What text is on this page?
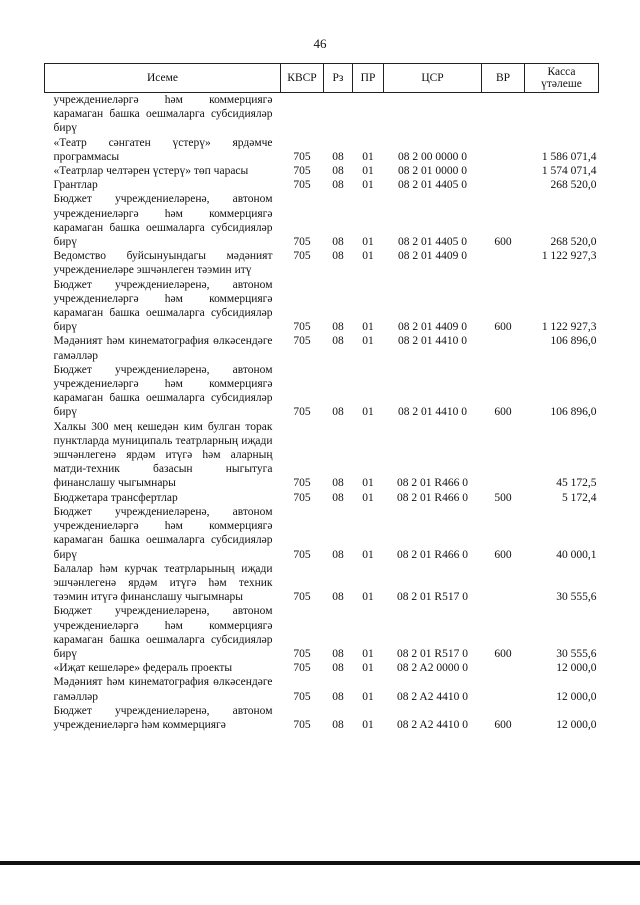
46
Исеме	КВСР	Рз	ПР	ЦСР	ВР	Касса үтәлеше
учреждениеләргә һәм коммерциягә карамаган башка оешмаларга субсидияләр бирү						
«Театр сәнгатен үстерү» ярдәмче программасы	705	08	01	08 2 00 0000 0		1 586 071,4
«Театрлар челтәрен үстерү» төп чарасы	705	08	01	08 2 01 0000 0		1 574 071,4
Грантлар	705	08	01	08 2 01 4405 0		268 520,0
Бюджет учреждениеләренә, автоном учреждениеләргә һәм коммерциягә карамаган башка оешмаларга субсидияләр бирү	705	08	01	08 2 01 4405 0	600	268 520,0
Ведомство буйсынуындагы мәдәният учреждениеләре эшчәнлеген тәэмин итү	705	08	01	08 2 01 4409 0		1 122 927,3
Бюджет учреждениеләренә, автоном учреждениеләргә һәм коммерциягә карамаган башка оешмаларга субсидияләр бирү	705	08	01	08 2 01 4409 0	600	1 122 927,3
Мәдәният һәм кинематография өлкәсендәге гамәлләр	705	08	01	08 2 01 4410 0		106 896,0
Бюджет учреждениеләренә, автоном учреждениеләргә һәм коммерциягә карамаган башка оешмаларга субсидияләр бирү	705	08	01	08 2 01 4410 0	600	106 896,0
Халкы 300 мең кешедән ким булган торак пунктларда муниципаль театрларның иҗади эшчәнлегенә ярдәм итүгә һәм аларның матди-техник базасын ныгытуга финанслашу чыгымнары	705	08	01	08 2 01 R466 0		45 172,5
Бюджетара трансфертлар	705	08	01	08 2 01 R466 0	500	5 172,4
Бюджет учреждениеләренә, автоном учреждениеләргә һәм коммерциягә карамаган башка оешмаларга субсидияләр бирү	705	08	01	08 2 01 R466 0	600	40 000,1
Балалар һәм курчак театрларының иҗади эшчәнлегенә ярдәм итүгә һәм техник тәэмин итүгә финанслашу чыгымнары	705	08	01	08 2 01 R517 0		30 555,6
Бюджет учреждениеләренә, автоном учреждениеләргә һәм коммерциягә карамаган башка оешмаларга субсидияләр бирү	705	08	01	08 2 01 R517 0	600	30 555,6
«Иҗат кешеләре» федераль проекты	705	08	01	08 2 A2 0000 0		12 000,0
Мәдәният һәм кинематография өлкәсендәге гамәлләр	705	08	01	08 2 A2 4410 0		12 000,0
Бюджет учреждениеләренә, автоном учреждениеләргә һәм коммерциягә	705	08	01	08 2 A2 4410 0	600	12 000,0
